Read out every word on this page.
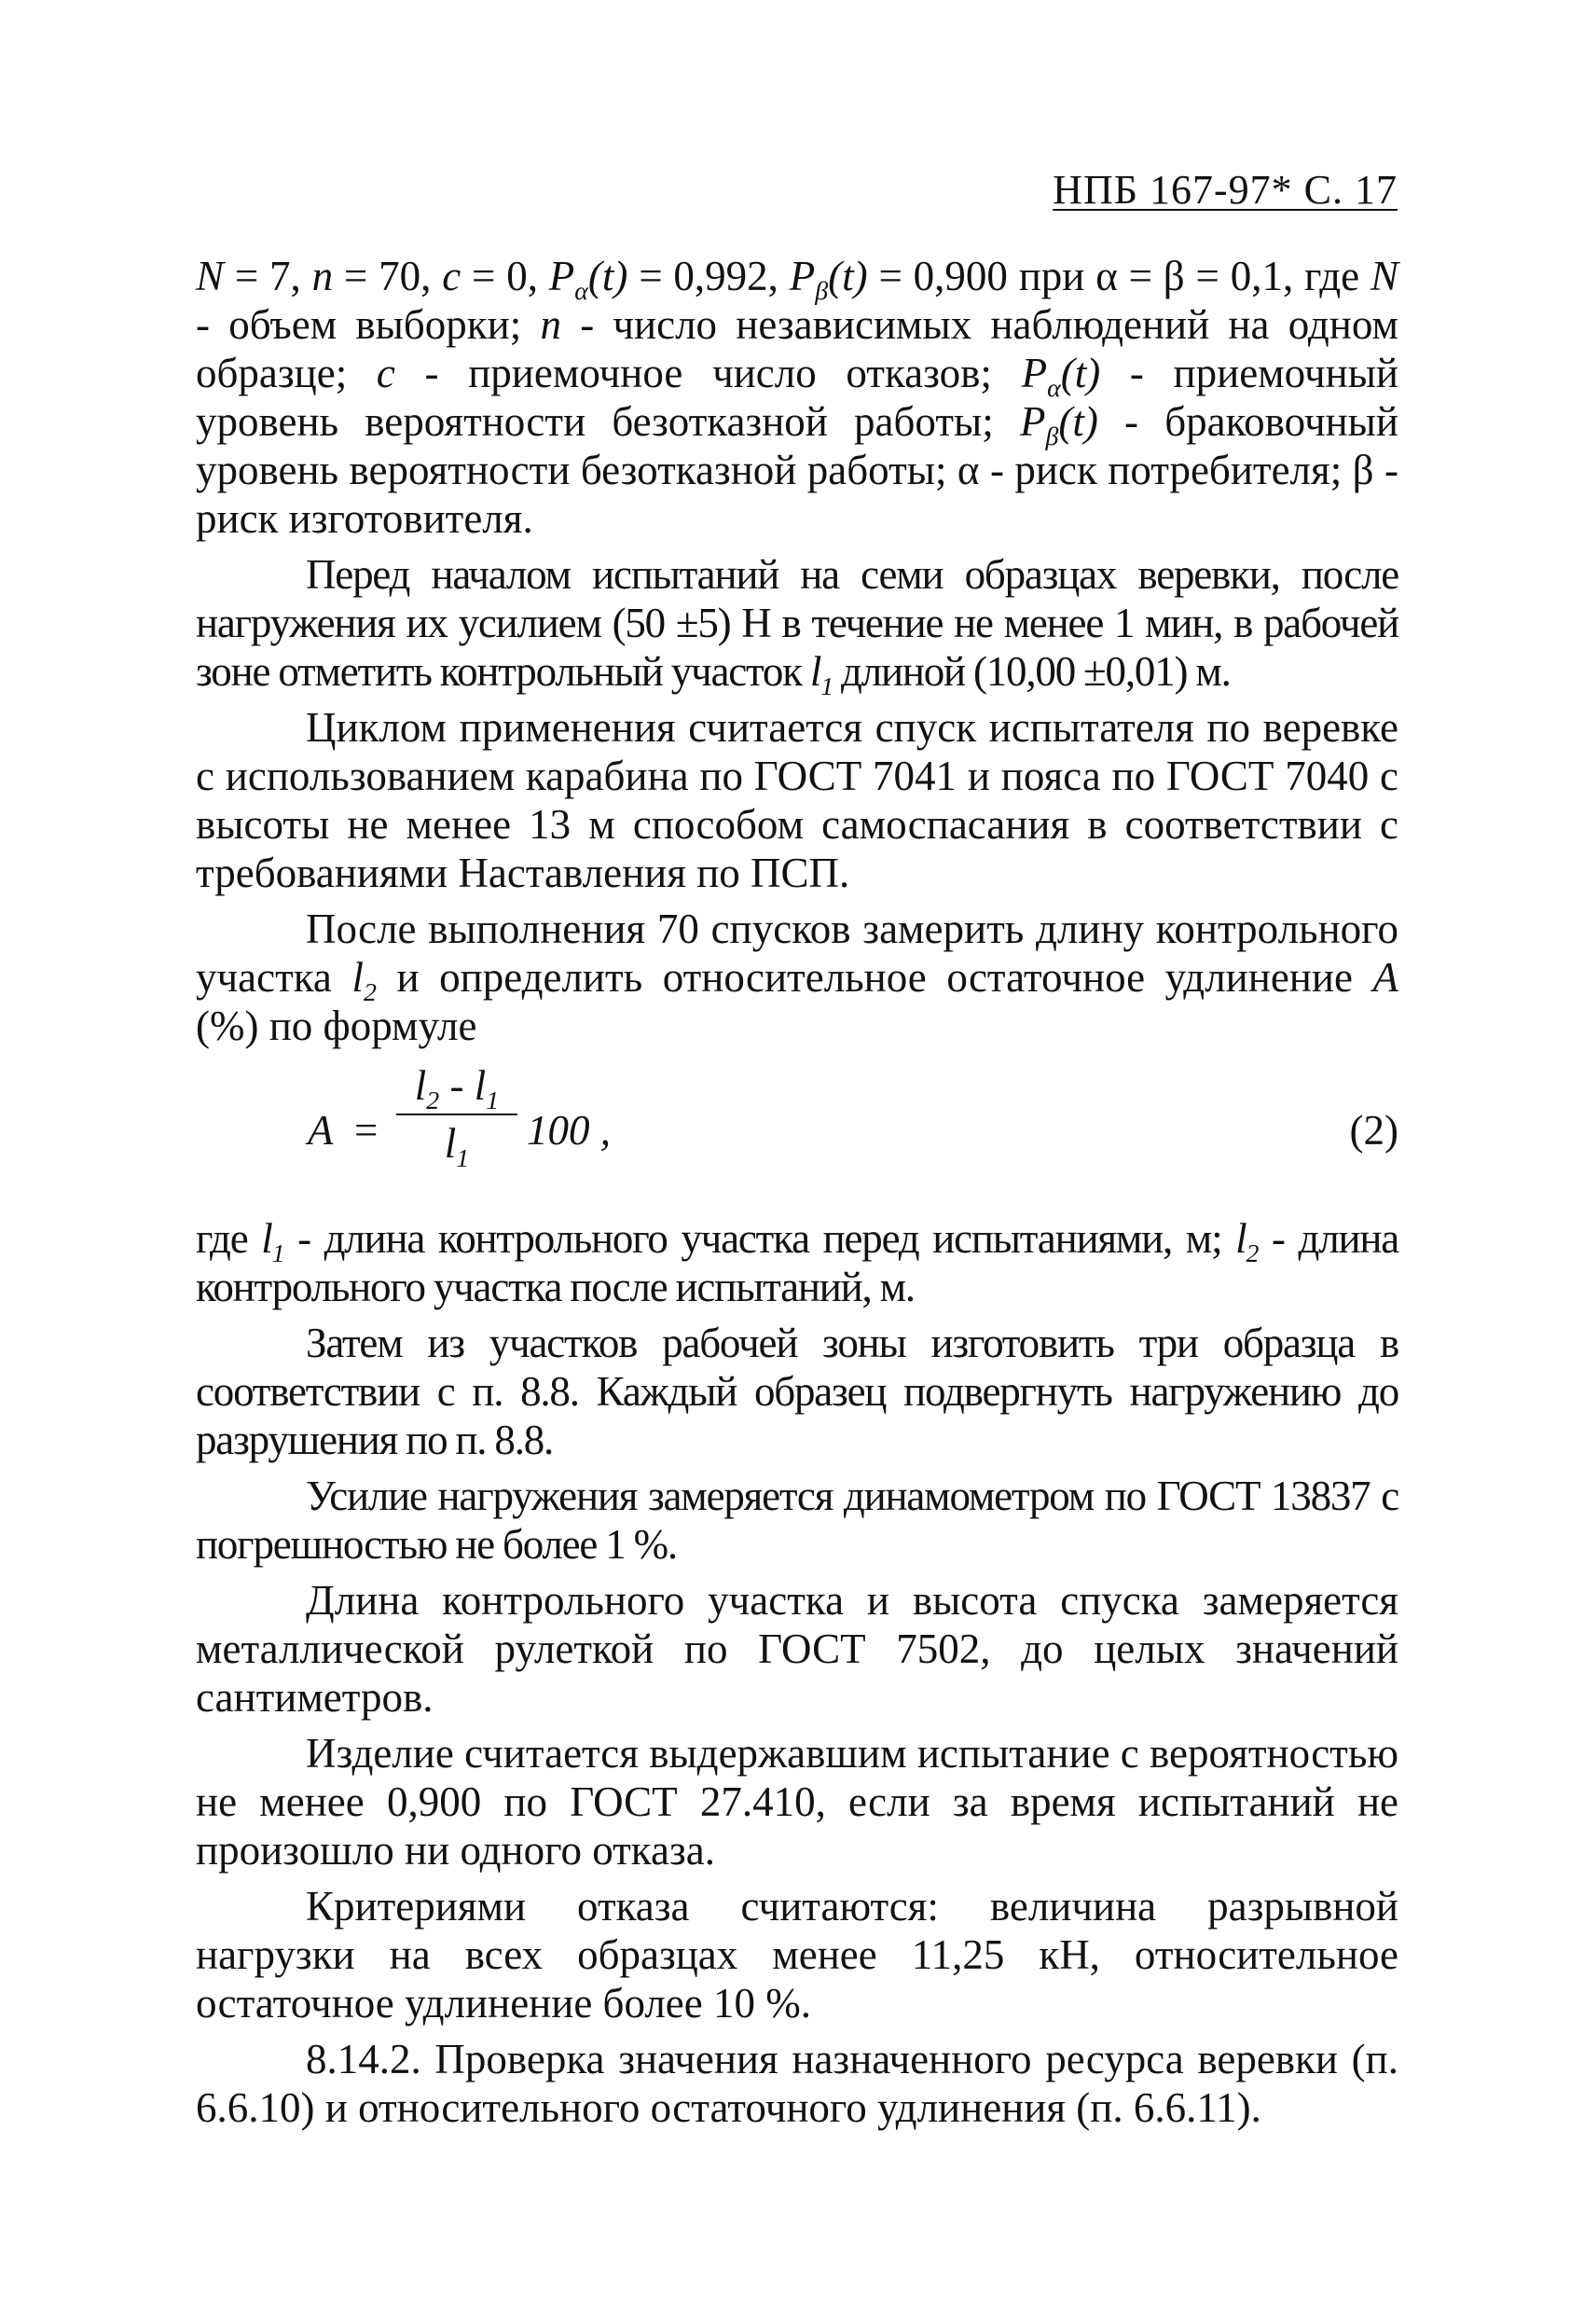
НПБ 167-97* С. 17

N = 7, n = 70, c = 0, $P_\alpha(t) = 0,992$, $P_\beta(t) = 0,900$ при α = β = 0,1, где N - объем выборки; n - число независимых наблюдений на одном образце; c - приемочное число отказов; $P_\alpha(t)$ - приемочный уровень вероятности безотказной работы; $P_\beta(t)$ - браковочный уровень вероятности безотказной работы; α - риск потребителя; β - риск изготовителя.

Перед началом испытаний на семи образцах веревки, после нагружения их усилием (50 ±5) Н в течение не менее 1 мин, в рабочей зоне отметить контрольный участок $l_1$ длиной (10,00 ±0,01) м.

Циклом применения считается спуск испытателя по веревке с использованием карабина по ГОСТ 7041 и пояса по ГОСТ 7040 с высоты не менее 13 м способом самоспасания в соответствии с требованиями Наставления по ПСП.

После выполнения 70 спусков замерить длину контрольного участка $l_2$ и определить относительное остаточное удлинение A (%) по формуле

A =
$l_2 - l_1$
$l_1$
100 ,	(2)

где $l_1$ - длина контрольного участка перед испытаниями, м; $l_2$ - длина контрольного участка после испытаний, м.

Затем из участков рабочей зоны изготовить три образца в соответствии с п. 8.8. Каждый образец подвергнуть нагружению до разрушения по п. 8.8.

Усилие нагружения замеряется динамометром по ГОСТ 13837 с погрешностью не более 1 %.

Длина контрольного участка и высота спуска замеряется металлической рулеткой по ГОСТ 7502, до целых значений сантиметров.

Изделие считается выдержавшим испытание с вероятностью не менее 0,900 по ГОСТ 27.410, если за время испытаний не произошло ни одного отказа.

Критериями отказа считаются: величина разрывной нагрузки на всех образцах менее 11,25 кН, относительное остаточное удлинение более 10 %.

8.14.2. Проверка значения назначенного ресурса веревки (п. 6.6.10) и относительного остаточного удлинения (п. 6.6.11).
